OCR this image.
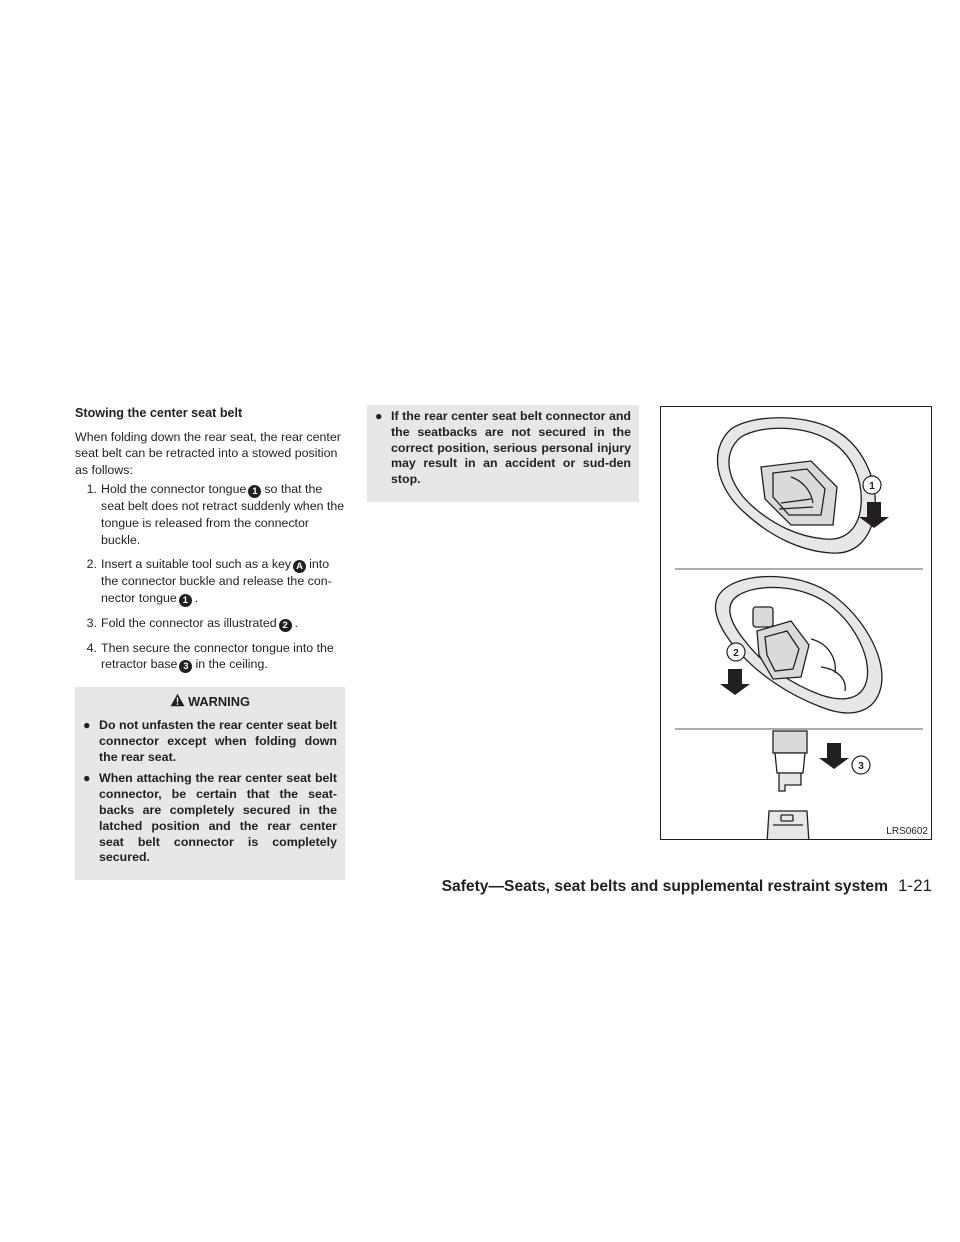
Stowing the center seat belt
When folding down the rear seat, the rear center seat belt can be retracted into a stowed position as follows:
1. Hold the connector tongue 1 so that the seat belt does not retract suddenly when the tongue is released from the connector buckle.
2. Insert a suitable tool such as a key A into the connector buckle and release the con-nector tongue 1 .
3. Fold the connector as illustrated 2 .
4. Then secure the connector tongue into the retractor base 3 in the ceiling.
WARNING
● Do not unfasten the rear center seat belt connector except when folding down the rear seat.
● When attaching the rear center seat belt connector, be certain that the seat-backs are completely secured in the latched position and the rear center seat belt connector is completely secured.
● If the rear center seat belt connector and the seatbacks are not secured in the correct position, serious personal injury may result in an accident or sud-den stop.
1
2
3
LRS0602
Safety—Seats, seat belts and supplemental restraint system 1-21
